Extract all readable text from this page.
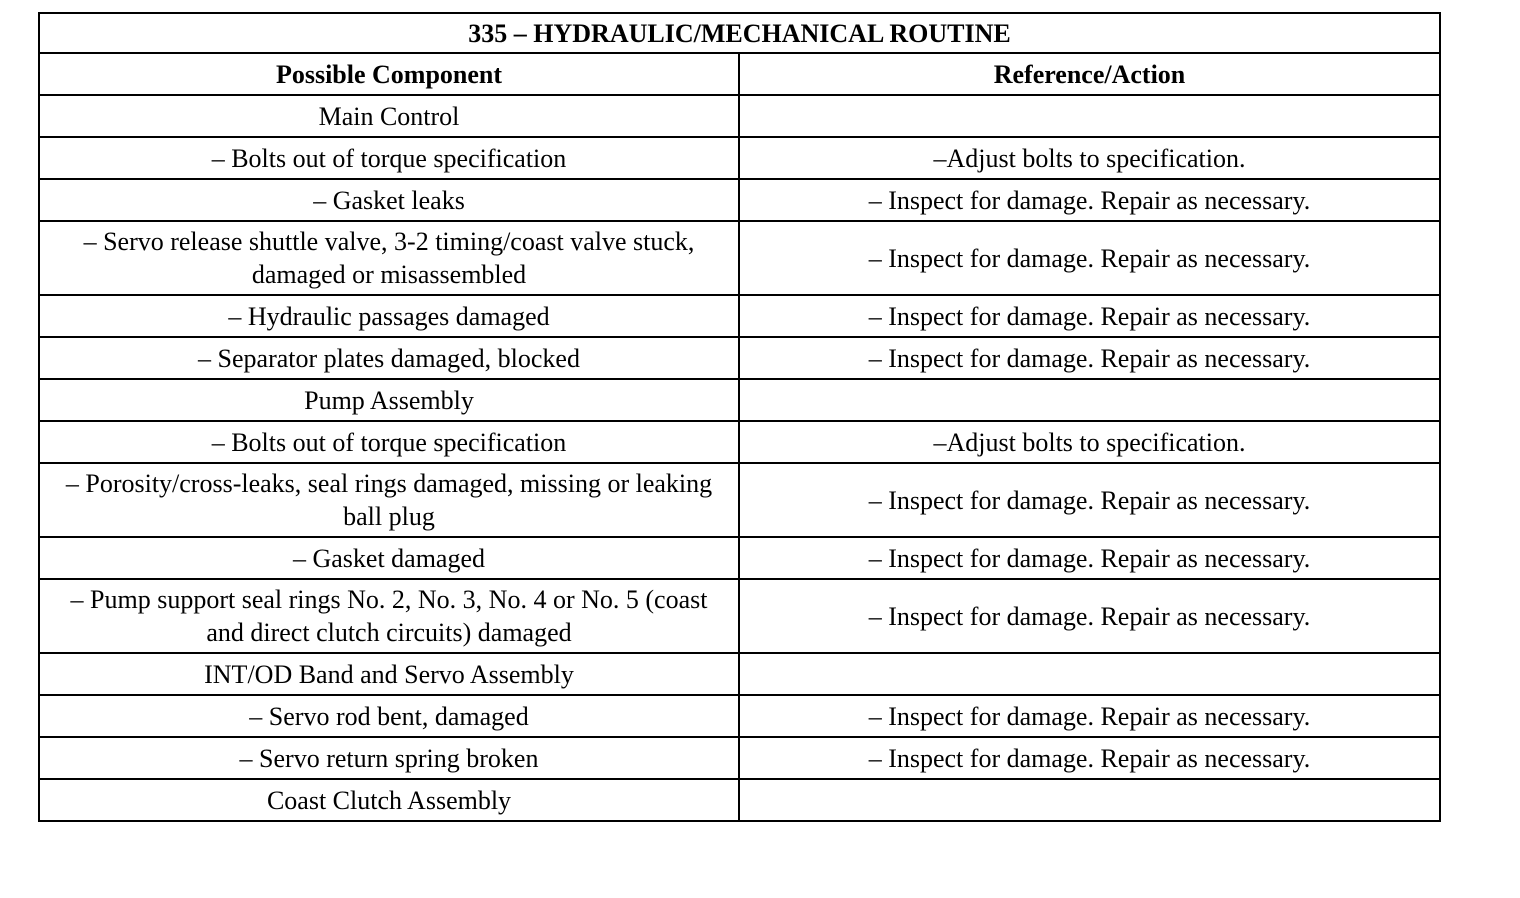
335 – HYDRAULIC/MECHANICAL ROUTINE	
Possible Component	Reference/Action
Main Control	
– Bolts out of torque specification	–Adjust bolts to specification.
– Gasket leaks	– Inspect for damage. Repair as necessary.
– Servo release shuttle valve, 3-2 timing/coast valve stuck, damaged or misassembled	– Inspect for damage. Repair as necessary.
– Hydraulic passages damaged	– Inspect for damage. Repair as necessary.
– Separator plates damaged, blocked	– Inspect for damage. Repair as necessary.
Pump Assembly	
– Bolts out of torque specification	–Adjust bolts to specification.
– Porosity/cross-leaks, seal rings damaged, missing or leaking ball plug	– Inspect for damage. Repair as necessary.
– Gasket damaged	– Inspect for damage. Repair as necessary.
– Pump support seal rings No. 2, No. 3, No. 4 or No. 5 (coast and direct clutch circuits) damaged	– Inspect for damage. Repair as necessary.
INT/OD Band and Servo Assembly	
– Servo rod bent, damaged	– Inspect for damage. Repair as necessary.
– Servo return spring broken	– Inspect for damage. Repair as necessary.
Coast Clutch Assembly	
